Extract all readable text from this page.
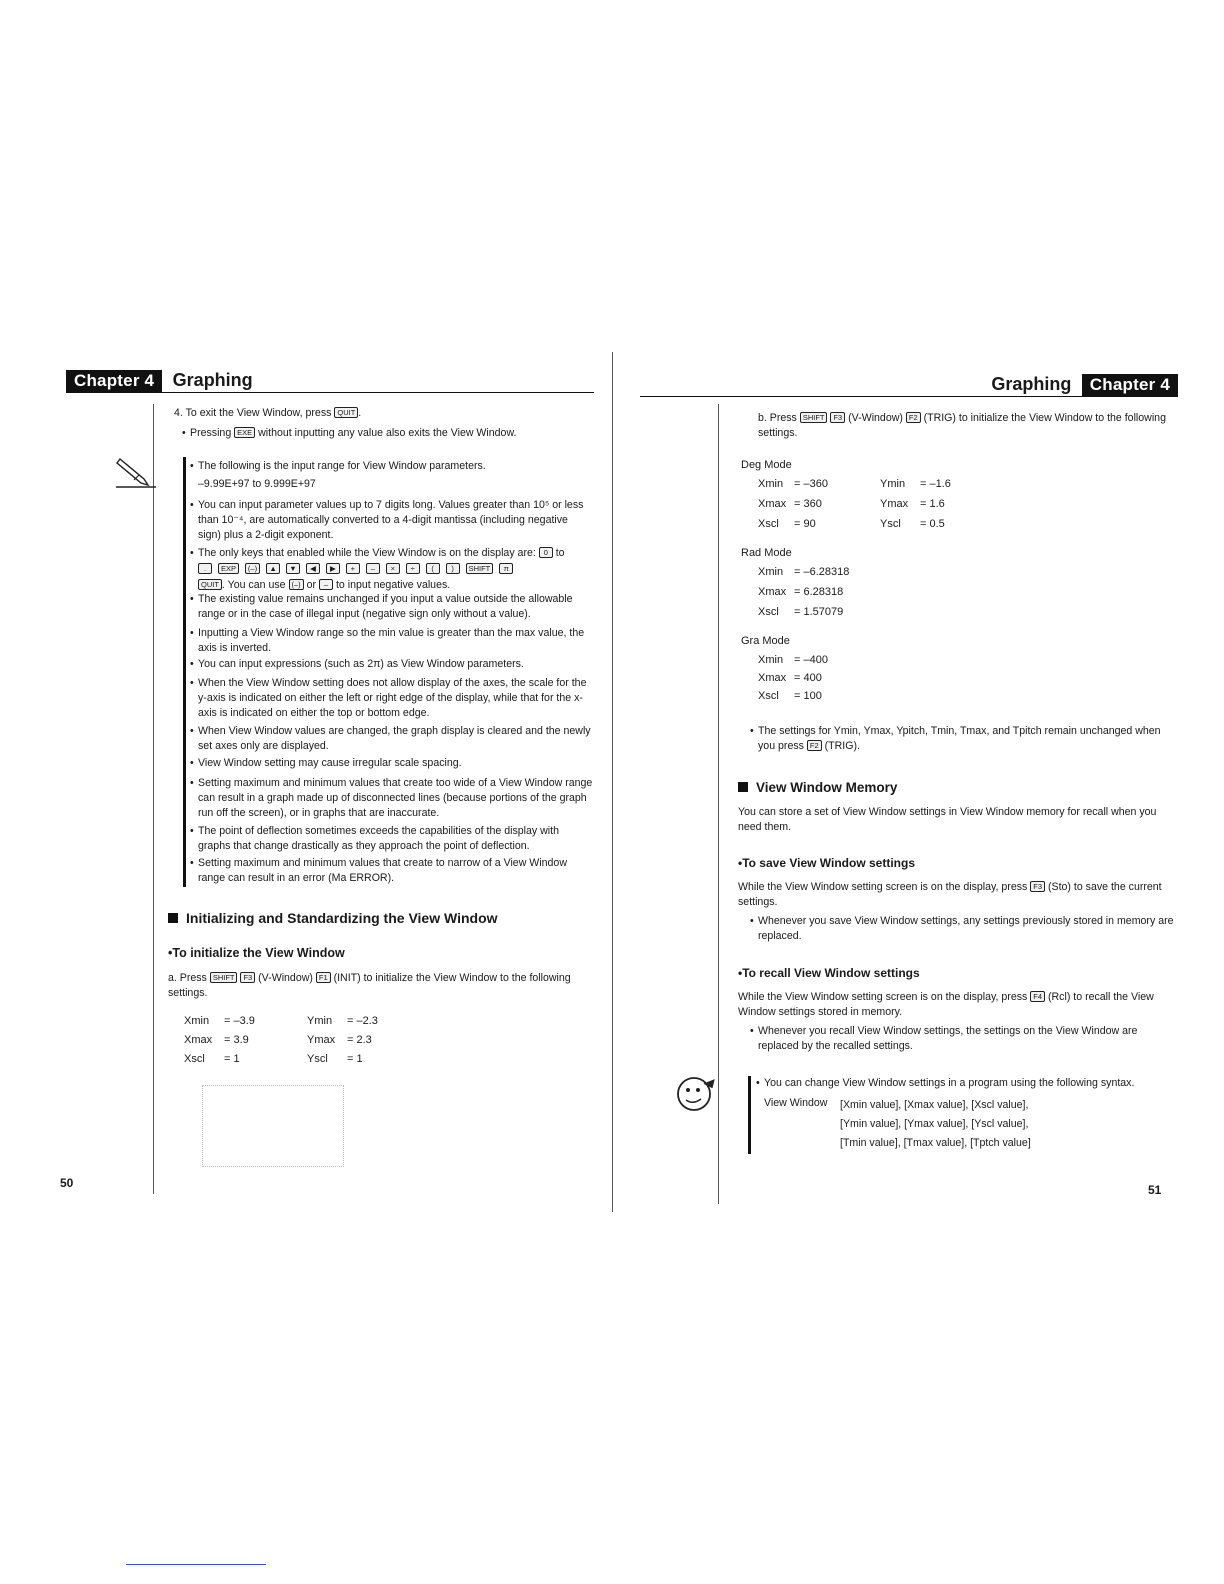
Chapter 4 Graphing
4. To exit the View Window, press QUIT .
• Pressing EXE without inputting any value also exits the View Window.
• The following is the input range for View Window parameters.
–9.99E+97 to 9.999E+97
• You can input parameter values up to 7 digits long. Values greater than 10⁵ or less than 10⁻⁴, are automatically converted to a 4-digit mantissa (including negative sign) plus a 2-digit exponent.
• The only keys that enabled while the View Window is on the display are: 0 to
. EXP (–) ▲ ▼ ◀ ▶ + – × ÷ ( ) SHIFT π
QUIT . You can use (–) or – to input negative values.
• The existing value remains unchanged if you input a value outside the allowable range or in the case of illegal input (negative sign only without a value).
• Inputting a View Window range so the min value is greater than the max value, the axis is inverted.
• You can input expressions (such as 2π) as View Window parameters.
• When the View Window setting does not allow display of the axes, the scale for the y-axis is indicated on either the left or right edge of the display, while that for the x-axis is indicated on either the top or bottom edge.
• When View Window values are changed, the graph display is cleared and the newly set axes only are displayed.
• View Window setting may cause irregular scale spacing.
• Setting maximum and minimum values that create too wide of a View Window range can result in a graph made up of disconnected lines (because portions of the graph run off the screen), or in graphs that are inaccurate.
• The point of deflection sometimes exceeds the capabilities of the display with graphs that change drastically as they approach the point of deflection.
• Setting maximum and minimum values that create to narrow of a View Window range can result in an error (Ma ERROR).
Initializing and Standardizing the View Window
•To initialize the View Window
a. Press SHIFT F3 (V-Window) F1 (INIT) to initialize the View Window to the following settings.
Xmin = –3.9	Ymin = –2.3
Xmax = 3.9	Ymax = 2.3
Xscl = 1	Yscl = 1
50
Graphing Chapter 4
b. Press SHIFT F3 (V-Window) F2 (TRIG) to initialize the View Window to the following settings.
Deg Mode
Xmin = –360	Ymin = –1.6
Xmax = 360	Ymax = 1.6
Xscl = 90	Yscl = 0.5
Rad Mode
Xmin = –6.28318
Xmax = 6.28318
Xscl = 1.57079
Gra Mode
Xmin = –400
Xmax = 400
Xscl = 100
• The settings for Ymin, Ymax, Ypitch, Tmin, Tmax, and Tpitch remain unchanged when you press F2 (TRIG).
View Window Memory
You can store a set of View Window settings in View Window memory for recall when you need them.
•To save View Window settings
While the View Window setting screen is on the display, press F3 (Sto) to save the current settings.
• Whenever you save View Window settings, any settings previously stored in memory are replaced.
•To recall View Window settings
While the View Window setting screen is on the display, press F4 (Rcl) to recall the View Window settings stored in memory.
• Whenever you recall View Window settings, the settings on the View Window are replaced by the recalled settings.
• You can change View Window settings in a program using the following syntax.
View Window [Xmin value], [Xmax value], [Xscl value],
[Ymin value], [Ymax value], [Yscl value],
[Tmin value], [Tmax value], [Tptch value]
51
